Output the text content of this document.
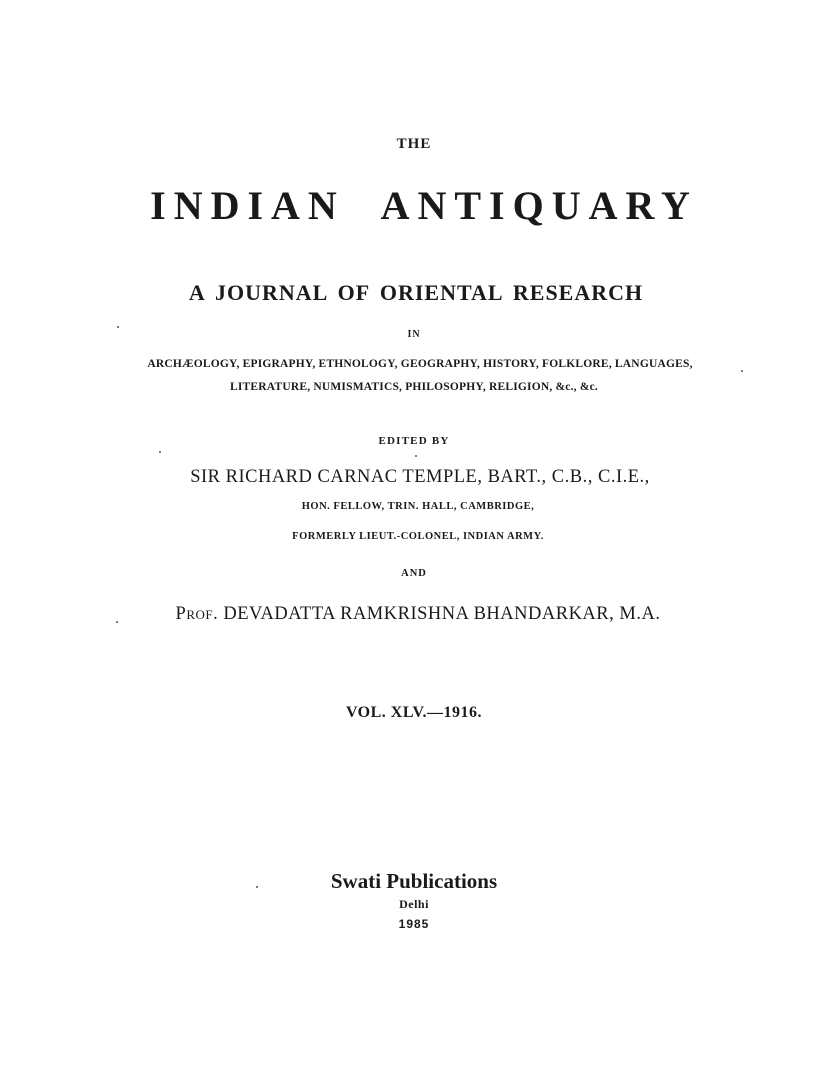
THE
INDIAN ANTIQUARY
A JOURNAL OF ORIENTAL RESEARCH
IN
ARCHÆOLOGY, EPIGRAPHY, ETHNOLOGY, GEOGRAPHY, HISTORY, FOLKLORE, LANGUAGES,
LITERATURE, NUMISMATICS, PHILOSOPHY, RELIGION, &c., &c.
EDITED BY
SIR RICHARD CARNAC TEMPLE, BART., C.B., C.I.E.,
HON. FELLOW, TRIN. HALL, CAMBRIDGE,
FORMERLY LIEUT.-COLONEL, INDIAN ARMY.
AND
Prof. DEVADATTA RAMKRISHNA BHANDARKAR, M.A.
VOL. XLV.—1916.
Swati Publications
Delhi
1985
